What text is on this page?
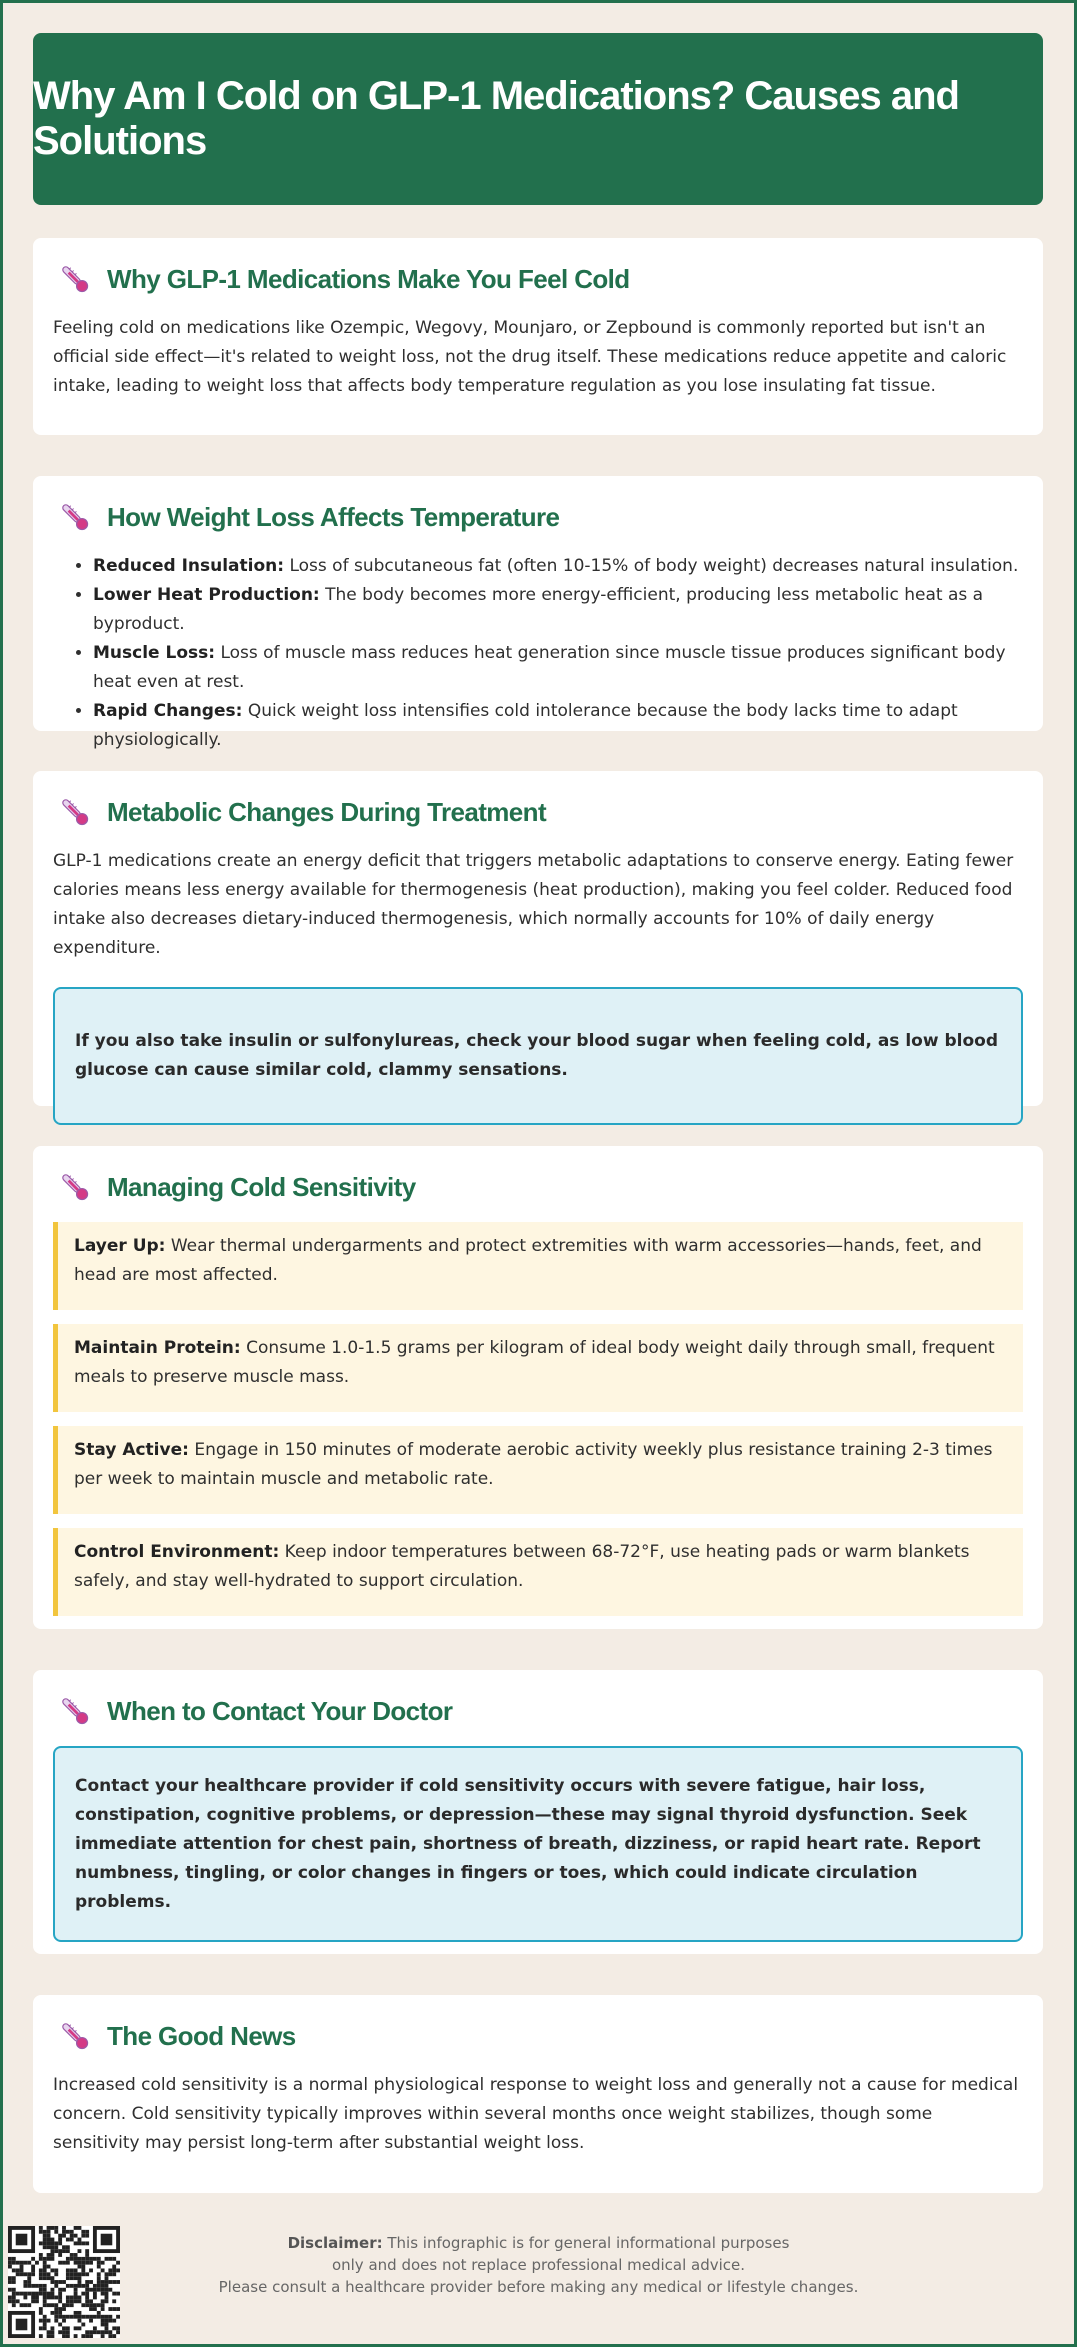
Why Am I Cold on GLP-1 Medications? Causes and Solutions
Why GLP-1 Medications Make You Feel Cold

Feeling cold on medications like Ozempic, Wegovy, Mounjaro, or Zepbound is commonly reported but isn't an official side effect—it's related to weight loss, not the drug itself. These medications reduce appetite and caloric intake, leading to weight loss that affects body temperature regulation as you lose insulating fat tissue.

How Weight Loss Affects Temperature
• Reduced Insulation: Loss of subcutaneous fat (often 10-15% of body weight) decreases natural insulation.
• Lower Heat Production: The body becomes more energy-efficient, producing less metabolic heat as a byproduct.
• Muscle Loss: Loss of muscle mass reduces heat generation since muscle tissue produces significant body heat even at rest.
• Rapid Changes: Quick weight loss intensifies cold intolerance because the body lacks time to adapt physiologically.
Metabolic Changes During Treatment

GLP-1 medications create an energy deficit that triggers metabolic adaptations to conserve energy. Eating fewer calories means less energy available for thermogenesis (heat production), making you feel colder. Reduced food intake also decreases dietary-induced thermogenesis, which normally accounts for 10% of daily energy expenditure.

If you also take insulin or sulfonylureas, check your blood sugar when feeling cold, as low blood glucose can cause similar cold, clammy sensations.
Managing Cold Sensitivity
Layer Up: Wear thermal undergarments and protect extremities with warm accessories—hands, feet, and head are most affected.
Maintain Protein: Consume 1.0-1.5 grams per kilogram of ideal body weight daily through small, frequent meals to preserve muscle mass.
Stay Active: Engage in 150 minutes of moderate aerobic activity weekly plus resistance training 2-3 times per week to maintain muscle and metabolic rate.
Control Environment: Keep indoor temperatures between 68-72°F, use heating pads or warm blankets safely, and stay well-hydrated to support circulation.
When to Contact Your Doctor
Contact your healthcare provider if cold sensitivity occurs with severe fatigue, hair loss, constipation, cognitive problems, or depression—these may signal thyroid dysfunction. Seek immediate attention for chest pain, shortness of breath, dizziness, or rapid heart rate. Report numbness, tingling, or color changes in fingers or toes, which could indicate circulation problems.
The Good News

Increased cold sensitivity is a normal physiological response to weight loss and generally not a cause for medical concern. Cold sensitivity typically improves within several months once weight stabilizes, though some sensitivity may persist long-term after substantial weight loss.

Disclaimer: This infographic is for general informational purposes
only and does not replace professional medical advice.
Please consult a healthcare provider before making any medical or lifestyle changes.
